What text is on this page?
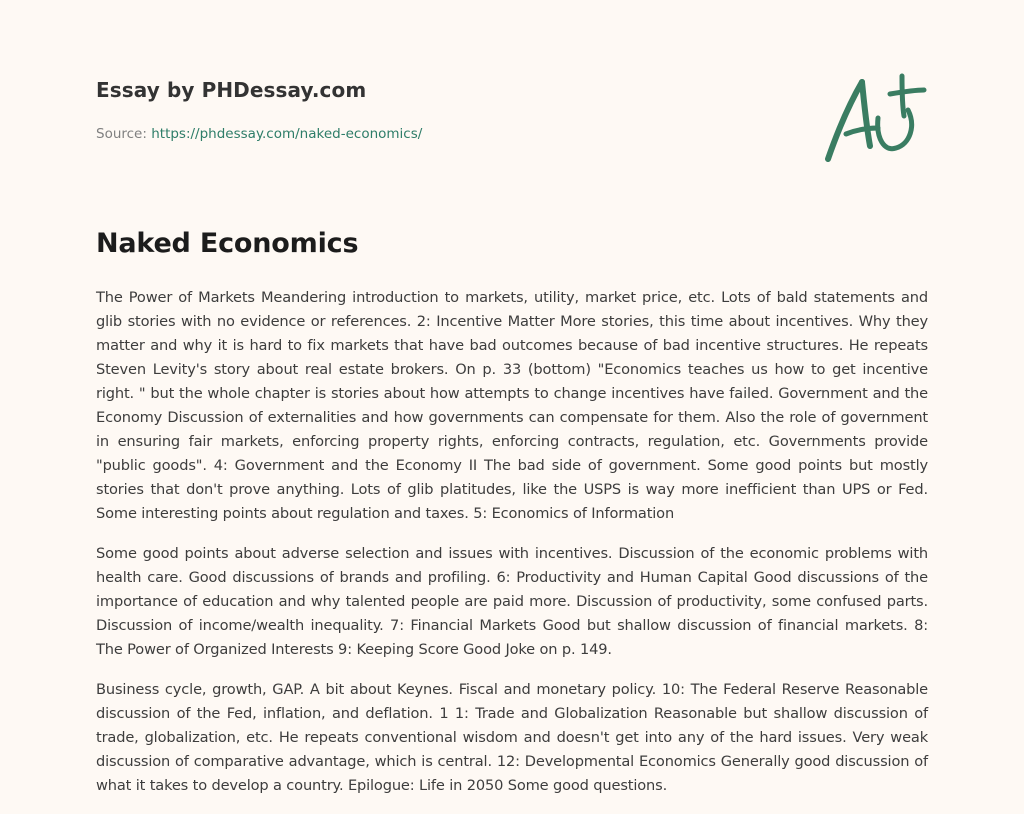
Essay by PHDessay.com
Source: https://phdessay.com/naked-economics/
Naked Economics

The Power of Markets Meandering introduction to markets, utility, market price, etc. Lots of bald statements and glib stories with no evidence or references. 2: Incentive Matter More stories, this time about incentives. Why they matter and why it is hard to fix markets that have bad outcomes because of bad incentive structures. He repeats Steven Levity's story about real estate brokers. On p. 33 (bottom) "Economics teaches us how to get incentive right. " but the whole chapter is stories about how attempts to change incentives have failed. Government and the Economy Discussion of externalities and how governments can compensate for them. Also the role of government in ensuring fair markets, enforcing property rights, enforcing contracts, regulation, etc. Governments provide "public goods". 4: Government and the Economy II The bad side of government. Some good points but mostly stories that don't prove anything. Lots of glib platitudes, like the USPS is way more inefficient than UPS or Fed. Some interesting points about regulation and taxes. 5: Economics of Information

Some good points about adverse selection and issues with incentives. Discussion of the economic problems with health care. Good discussions of brands and profiling. 6: Productivity and Human Capital Good discussions of the importance of education and why talented people are paid more. Discussion of productivity, some confused parts. Discussion of income/wealth inequality. 7: Financial Markets Good but shallow discussion of financial markets. 8: The Power of Organized Interests 9: Keeping Score Good Joke on p. 149.

Business cycle, growth, GAP. A bit about Keynes. Fiscal and monetary policy. 10: The Federal Reserve Reasonable discussion of the Fed, inflation, and deflation. 1 1: Trade and Globalization Reasonable but shallow discussion of trade, globalization, etc. He repeats conventional wisdom and doesn't get into any of the hard issues. Very weak discussion of comparative advantage, which is central. 12: Developmental Economics Generally good discussion of what it takes to develop a country. Epilogue: Life in 2050 Some good questions.
